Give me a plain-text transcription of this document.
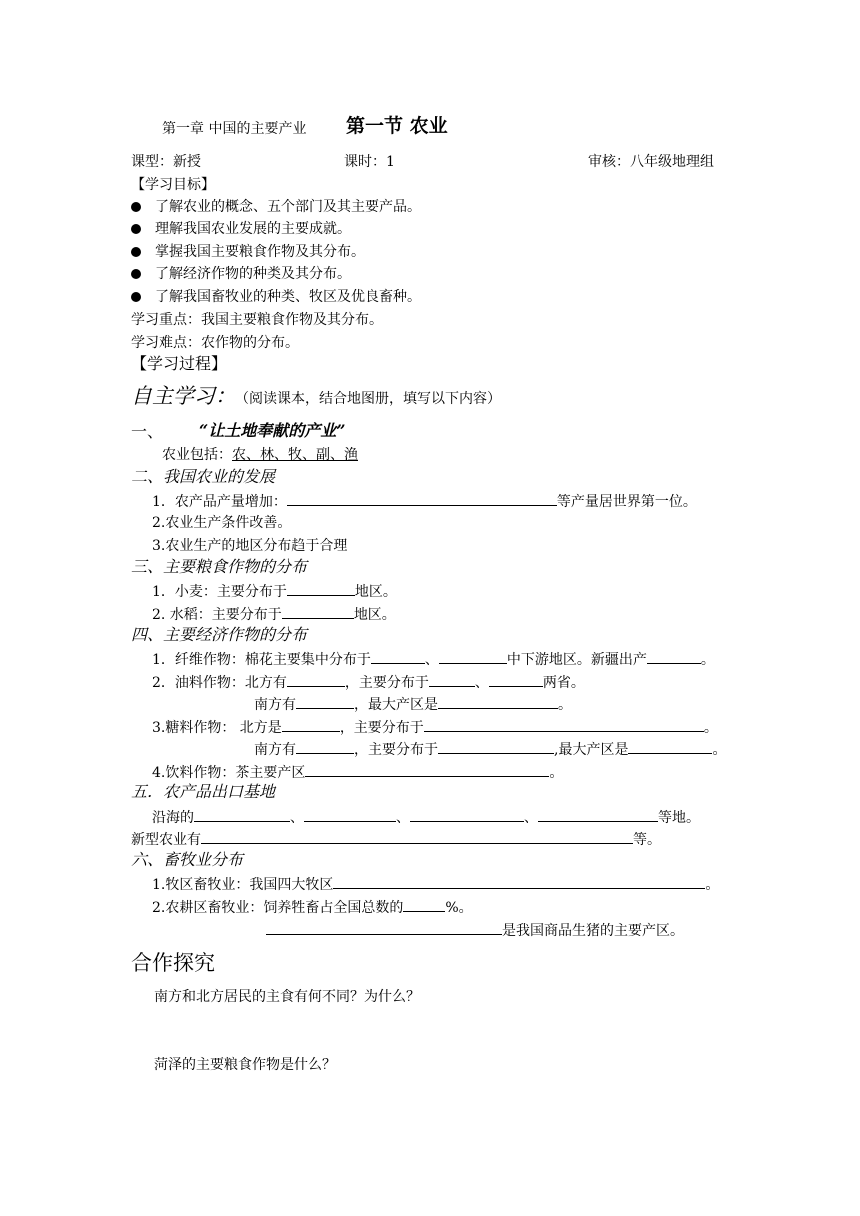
第一章 中国的主要产业 第一节 农业
课型：新授	课时：1	审核：八年级地理组
【学习目标】
了解农业的概念、五个部门及其主要产品。
理解我国农业发展的主要成就。
掌握我国主要粮食作物及其分布。
了解经济作物的种类及其分布。
了解我国畜牧业的种类、牧区及优良畜种。
学习重点：我国主要粮食作物及其分布。
学习难点：农作物的分布。
【学习过程】
自主学习： （阅读课本，结合地图册，填写以下内容）
一、 “让土地奉献的产业”
农业包括：农、林、牧、副、渔
二、我国农业的发展
1．农产品产量增加：	等产量居世界第一位。
2.农业生产条件改善。
3.农业生产的地区分布趋于合理
三、主要粮食作物的分布
1．小麦：主要分布于	地区。
2. 水稻：主要分布于	地区。
四、主要经济作物的分布
1．纤维作物：棉花主要集中分布于	、	中下游地区。新疆出产	。
2．油料作物：北方有	，主要分布于	、	两省。
南方有	，最大产区是	。
3.糖料作物： 北方是	，主要分布于	。
南方有	，主要分布于	,最大产区是	。
4.饮料作物：茶主要产区	。
五．农产品出口基地
沿海的	、	、	、	等地。
新型农业有	等。
六、畜牧业分布
1.牧区畜牧业：我国四大牧区	。
2.农耕区畜牧业：饲养牲畜占全国总数的	%。
是我国商品生猪的主要产区。
合作探究
南方和北方居民的主食有何不同？为什么？
菏泽的主要粮食作物是什么？
